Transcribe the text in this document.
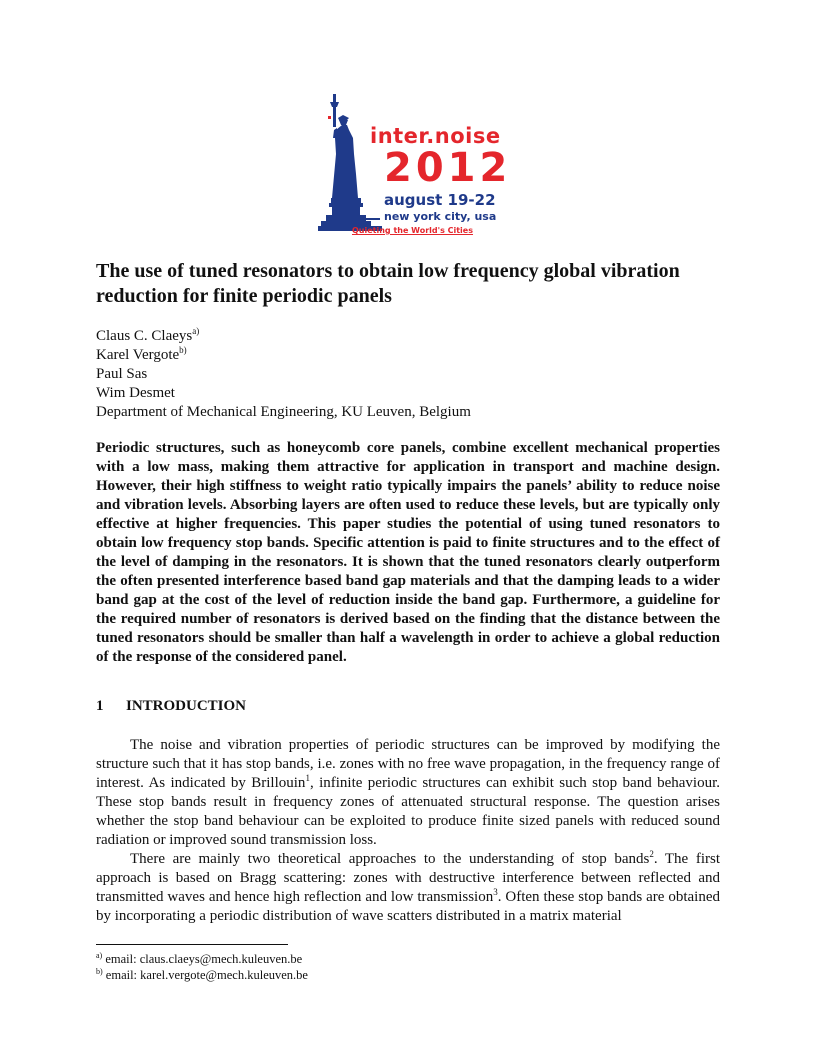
inter.noise
2012
august 19-22
new york city, usa
Quieting the World's Cities
The use of tuned resonators to obtain low frequency global vibration reduction for finite periodic panels
Claus C. Claeys$^{a)}$
Karel Vergote$^{b)}$
Paul Sas
Wim Desmet
Department of Mechanical Engineering, KU Leuven, Belgium

Periodic structures, such as honeycomb core panels, combine excellent mechanical properties with a low mass, making them attractive for application in transport and machine design. However, their high stiffness to weight ratio typically impairs the panels’ ability to reduce noise and vibration levels. Absorbing layers are often used to reduce these levels, but are typically only effective at higher frequencies. This paper studies the potential of using tuned resonators to obtain low frequency stop bands. Specific attention is paid to finite structures and to the effect of the level of damping in the resonators. It is shown that the tuned resonators clearly outperform the often presented interference based band gap materials and that the damping leads to a wider band gap at the cost of the level of reduction inside the band gap. Furthermore, a guideline for the required number of resonators is derived based on the finding that the distance between the tuned resonators should be smaller than half a wavelength in order to achieve a global reduction of the response of the considered panel.

1 INTRODUCTION

The noise and vibration properties of periodic structures can be improved by modifying the structure such that it has stop bands, i.e. zones with no free wave propagation, in the frequency range of interest. As indicated by Brillouin$^1$, infinite periodic structures can exhibit such stop band behaviour. These stop bands result in frequency zones of attenuated structural response. The question arises whether the stop band behaviour can be exploited to produce finite sized panels with reduced sound radiation or improved sound transmission loss.

There are mainly two theoretical approaches to the understanding of stop bands$^2$. The first approach is based on Bragg scattering: zones with destructive interference between reflected and transmitted waves and hence high reflection and low transmission$^3$. Often these stop bands are obtained by incorporating a periodic distribution of wave scatters distributed in a matrix material

$^{a)}$ email: claus.claeys@mech.kuleuven.be
$^{b)}$ email: karel.vergote@mech.kuleuven.be
